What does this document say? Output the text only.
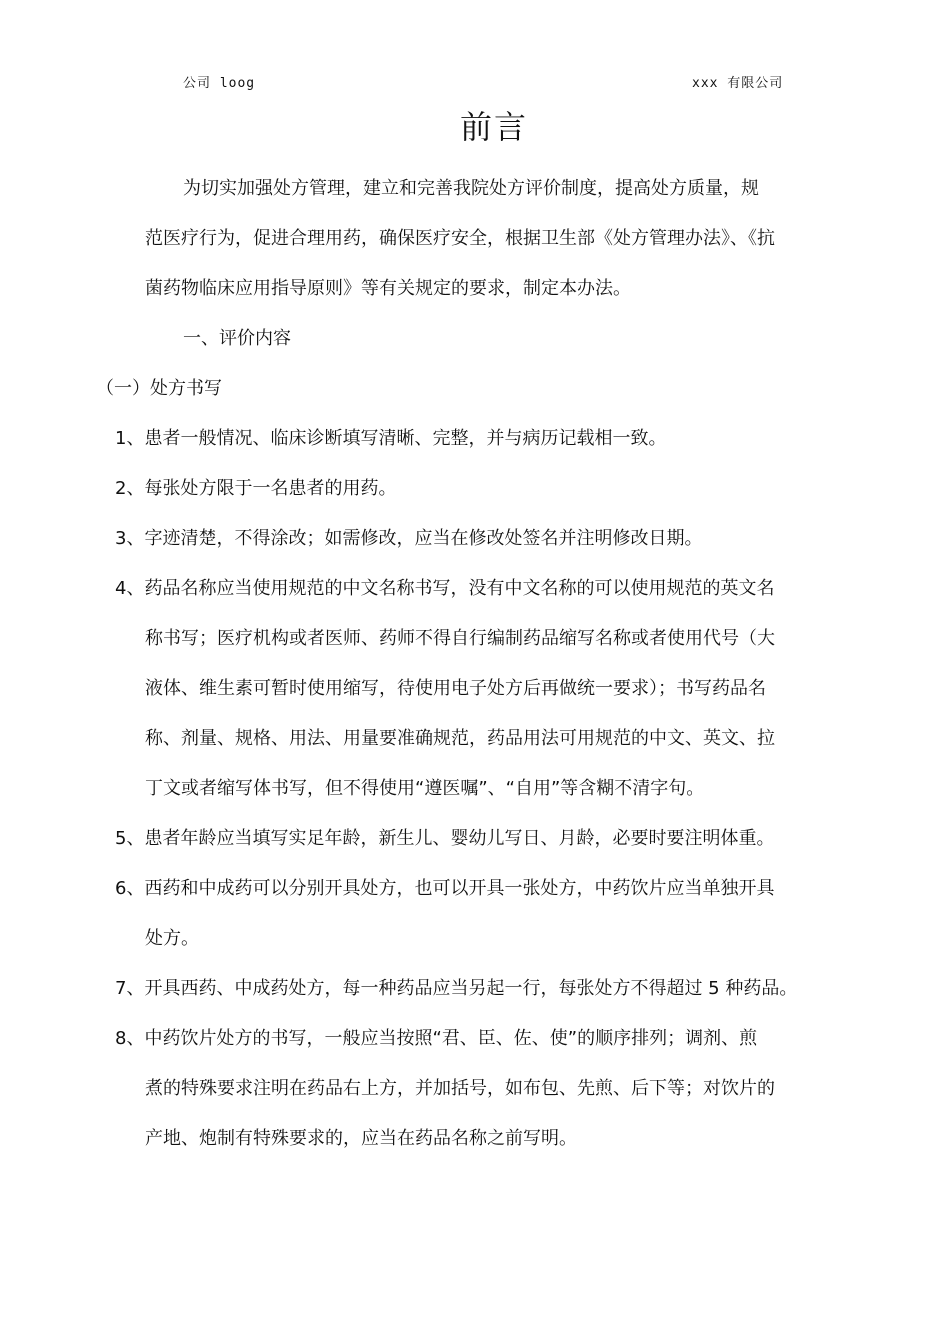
公司 loog	xxx 有限公司
前言
为切实加强处方管理，建立和完善我院处方评价制度，提高处方质量，规
范医疗行为，促进合理用药，确保医疗安全，根据卫生部《处方管理办法》、《抗
菌药物临床应用指导原则》等有关规定的要求，制定本办法。
一、评价内容
（一）处方书写
1、患者一般情况、临床诊断填写清晰、完整，并与病历记载相一致。
2、每张处方限于一名患者的用药。
3、字迹清楚，不得涂改；如需修改，应当在修改处签名并注明修改日期。
4、药品名称应当使用规范的中文名称书写，没有中文名称的可以使用规范的英文名
称书写；医疗机构或者医师、药师不得自行编制药品缩写名称或者使用代号（大
液体、维生素可暂时使用缩写，待使用电子处方后再做统一要求）；书写药品名
称、剂量、规格、用法、用量要准确规范，药品用法可用规范的中文、英文、拉
丁文或者缩写体书写，但不得使用“遵医嘱”、“自用”等含糊不清字句。
5、患者年龄应当填写实足年龄，新生儿、婴幼儿写日、月龄，必要时要注明体重。
6、西药和中成药可以分别开具处方，也可以开具一张处方，中药饮片应当单独开具
处方。
7、开具西药、中成药处方，每一种药品应当另起一行，每张处方不得超过 5 种药品。
8、中药饮片处方的书写，一般应当按照“君、臣、佐、使”的顺序排列；调剂、煎
煮的特殊要求注明在药品右上方，并加括号，如布包、先煎、后下等；对饮片的
产地、炮制有特殊要求的，应当在药品名称之前写明。
